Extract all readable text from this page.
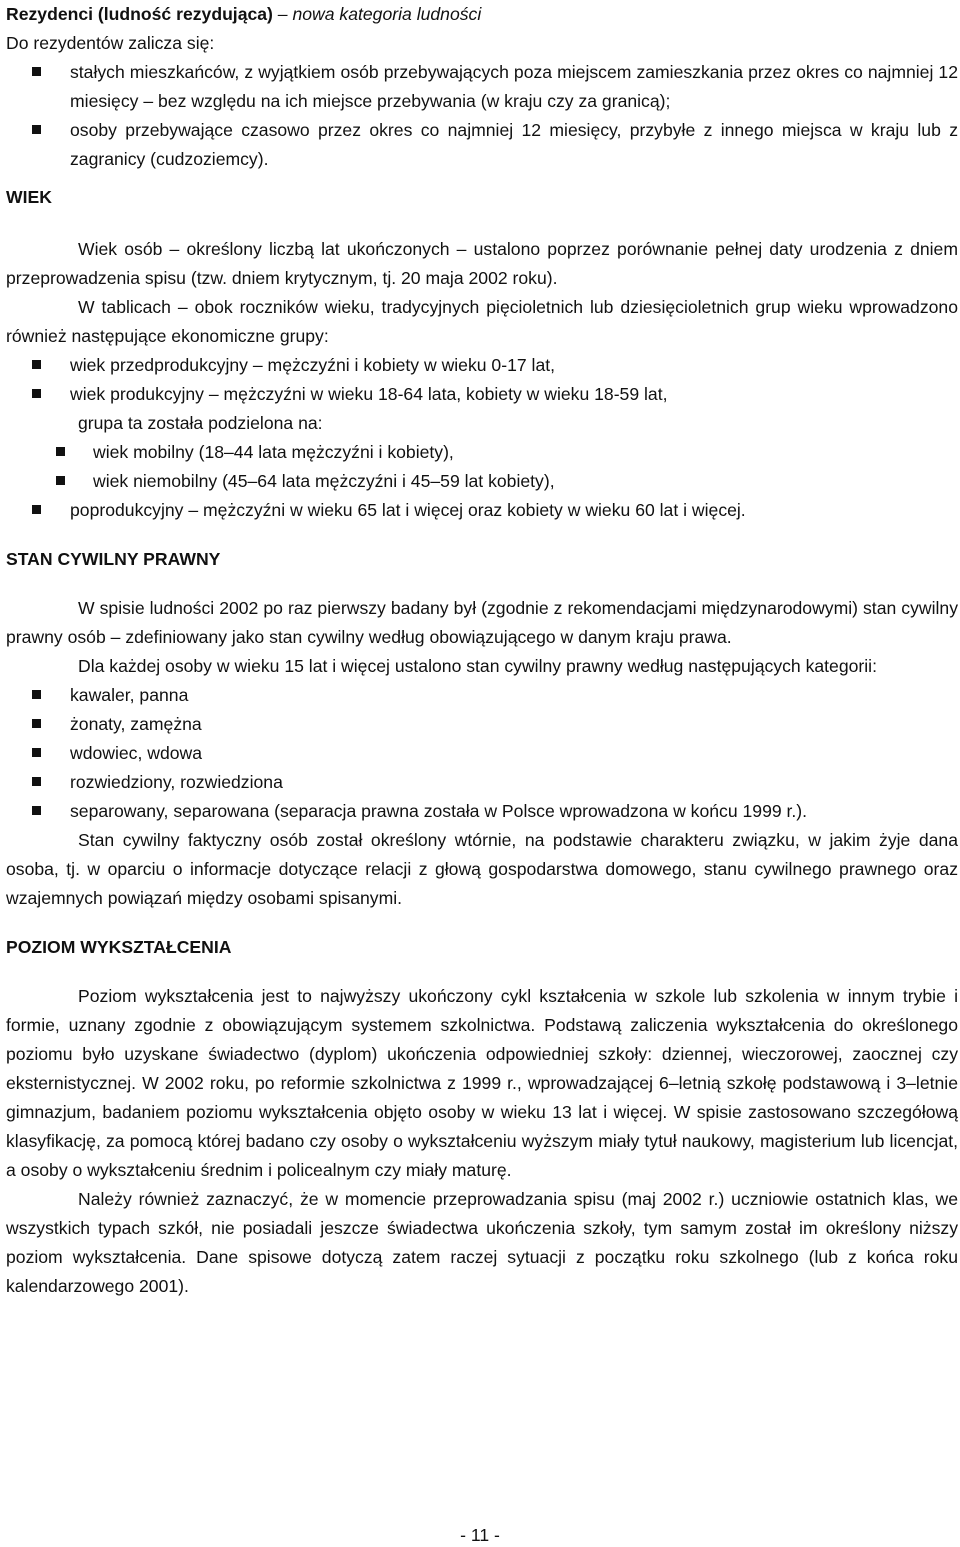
Rezydenci (ludność rezydująca) – nowa kategoria ludności

Do rezydentów zalicza się:

stałych mieszkańców, z wyjątkiem osób przebywających poza miejscem zamieszkania przez okres co najmniej 12 miesięcy – bez względu na ich miejsce przebywania (w kraju czy za granicą);
osoby przebywające czasowo przez okres co najmniej 12 miesięcy, przybyłe z innego miejsca w kraju lub z zagranicy (cudzoziemcy).

WIEK

Wiek osób – określony liczbą lat ukończonych – ustalono poprzez porównanie pełnej daty urodzenia z dniem przeprowadzenia spisu (tzw. dniem krytycznym, tj. 20 maja 2002 roku).

W tablicach – obok roczników wieku, tradycyjnych pięcioletnich lub dziesięcioletnich grup wieku wprowadzono również następujące ekonomiczne grupy:

wiek przedprodukcyjny – mężczyźni i kobiety w wieku 0-17 lat,
wiek produkcyjny – mężczyźni w wieku 18-64 lata, kobiety w wieku 18-59 lat,

grupa ta została podzielona na:

wiek mobilny (18–44 lata mężczyźni i kobiety),
wiek niemobilny (45–64 lata mężczyźni i 45–59 lat kobiety),
poprodukcyjny – mężczyźni w wieku 65 lat i więcej oraz kobiety w wieku 60 lat i więcej.

STAN CYWILNY PRAWNY

W spisie ludności 2002 po raz pierwszy badany był (zgodnie z rekomendacjami międzynarodowymi) stan cywilny prawny osób – zdefiniowany jako stan cywilny według obowiązującego w danym kraju prawa.

Dla każdej osoby w wieku 15 lat i więcej ustalono stan cywilny prawny według następujących kategorii:

kawaler, panna
żonaty, zamężna
wdowiec, wdowa
rozwiedziony, rozwiedziona
separowany, separowana (separacja prawna została w Polsce wprowadzona w końcu 1999 r.).

Stan cywilny faktyczny osób został określony wtórnie, na podstawie charakteru związku, w jakim żyje dana osoba, tj. w oparciu o informacje dotyczące relacji z głową gospodarstwa domowego, stanu cywilnego prawnego oraz wzajemnych powiązań między osobami spisanymi.

POZIOM WYKSZTAŁCENIA

Poziom wykształcenia jest to najwyższy ukończony cykl kształcenia w szkole lub szkolenia w innym trybie i formie, uznany zgodnie z obowiązującym systemem szkolnictwa. Podstawą zaliczenia wykształcenia do określonego poziomu było uzyskane świadectwo (dyplom) ukończenia odpowiedniej szkoły: dziennej, wieczorowej, zaocznej czy eksternistycznej. W 2002 roku, po reformie szkolnictwa z 1999 r., wprowadzającej 6–letnią szkołę podstawową i 3–letnie gimnazjum, badaniem poziomu wykształcenia objęto osoby w wieku 13 lat i więcej. W spisie zastosowano szczegółową klasyfikację, za pomocą której badano czy osoby o wykształceniu wyższym miały tytuł naukowy, magisterium lub licencjat, a osoby o wykształceniu średnim i policealnym czy miały maturę.

Należy również zaznaczyć, że w momencie przeprowadzania spisu (maj 2002 r.) uczniowie ostatnich klas, we wszystkich typach szkół, nie posiadali jeszcze świadectwa ukończenia szkoły, tym samym został im określony niższy poziom wykształcenia. Dane spisowe dotyczą zatem raczej sytuacji z początku roku szkolnego (lub z końca roku kalendarzowego 2001).

- 11 -
